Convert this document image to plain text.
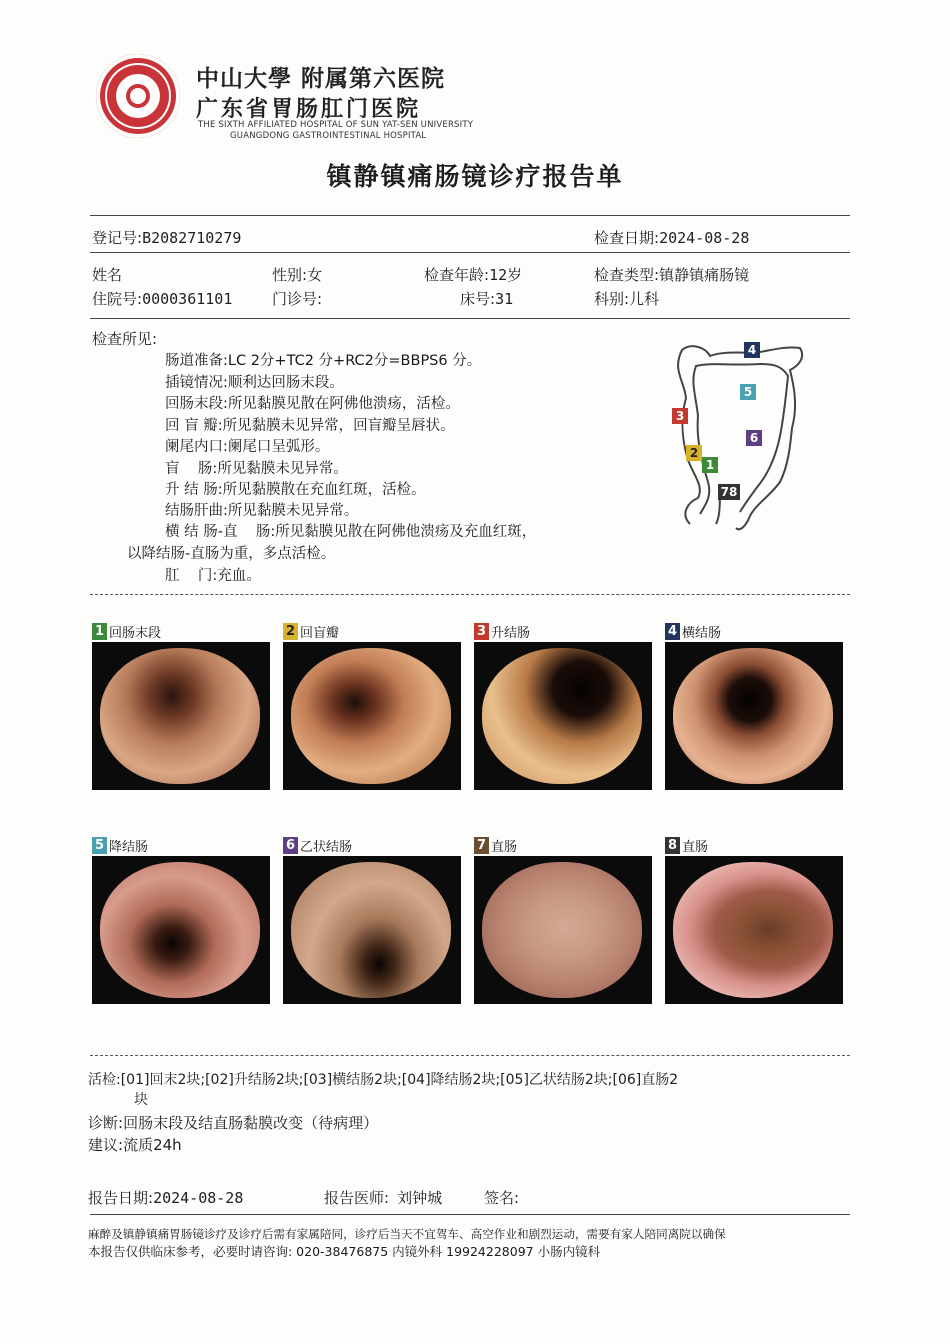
中山大學 附属第六医院
广东省胃肠肛门医院
THE SIXTH AFFILIATED HOSPITAL OF SUN YAT-SEN UNIVERSITY
GUANGDONG GASTROINTESTINAL HOSPITAL
镇静镇痛肠镜诊疗报告单
登记号:B2082710279	检查日期:2024-08-28
姓名	性别:女	检查年龄:12岁	检查类型:镇静镇痛肠镜
住院号:0000361101	门诊号:	床号:31	科别:儿科
检查所见:
肠道准备:LC 2分+TC2 分+RC2分=BBPS6 分。
插镜情况:顺利达回肠末段。
回肠末段:所见黏膜见散在阿佛他溃疡，活检。
回 盲 瓣:所见黏膜未见异常，回盲瓣呈唇状。
阑尾内口:阑尾口呈弧形。
盲    肠:所见黏膜未见异常。
升 结 肠:所见黏膜散在充血红斑，活检。
结肠肝曲:所见黏膜未见异常。
横 结 肠-直    肠:所见黏膜见散在阿佛他溃疡及充血红斑，
以降结肠-直肠为重，多点活检。
肛    门:充血。
4
5
3
6
2
1
78
1 回肠末段	2 回盲瓣	3 升结肠	4 横结肠
5 降结肠	6 乙状结肠	7 直肠	8 直肠
活检:[01]回末2块;[02]升结肠2块;[03]横结肠2块;[04]降结肠2块;[05]乙状结肠2块;[06]直肠2
块
诊断:回肠末段及结直肠黏膜改变（待病理）
建议:流质24h
报告日期:2024-08-28	报告医师: 刘钟城	签名:
麻醉及镇静镇痛胃肠镜诊疗及诊疗后需有家属陪同，诊疗后当天不宜驾车、高空作业和剧烈运动，需要有家人陪同离院以确保
本报告仅供临床参考，必要时请咨询: 020-38476875 内镜外科 19924228097 小肠内镜科
